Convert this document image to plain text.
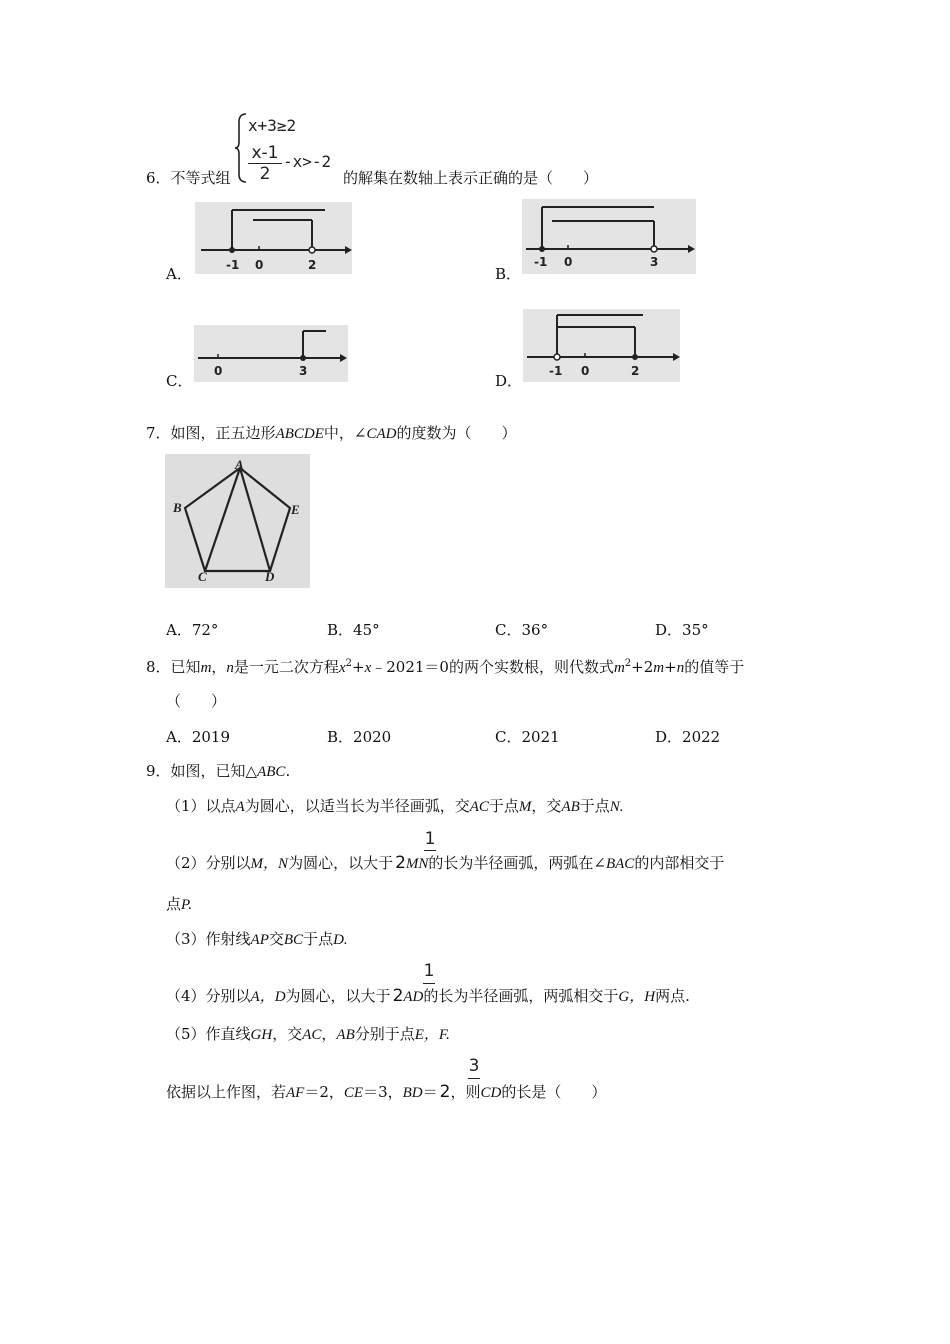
x+3≥2
x-1
2
-x>-2
6．不等式组	的解集在数轴上表示正确的是（　　）
A．	-1 0	2	B．
-1 0	3
C．
0	3
D．
-1 0	2
7．如图，正五边形ABCDE中，∠CAD的度数为（　　）
A
B
C	D
E
A．72°	B．45°	C．36°	D．35°
8．已知m，n是一元二次方程$x^2+x﹣2021=0$的两个实数根，则代数式$m^2+2m+n$的值等于
（　　）
A．2019	B．2020	C．2021	D．2022
9．如图，已知△ABC.
（1）以点A为圆心，以适当长为半径画弧，交AC于点M，交AB于点N.
1
（2）分别以M，N为圆心，以大于 2MN的长为半径画弧，两弧在∠BAC的内部相交于
点P.
（3）作射线AP交BC于点D.
1
（4）分别以A，D为圆心，以大于 2AD的长为半径画弧，两弧相交于G，H两点.
（5）作直线GH，交AC，AB分别于点E，F.
3
依据以上作图，若AF＝2，CE＝3，BD＝ 2，则CD的长是（　　）
